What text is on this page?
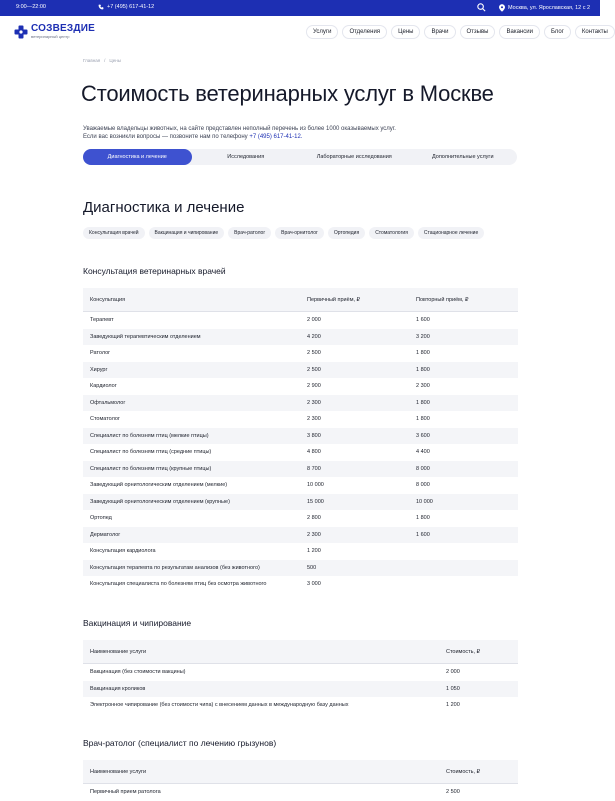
9:00—22:00	+7 (495) 617-41-12	Москва, ул. Ярославская, 12 с 2
СОЗВЕЗДИЕ
ветеринарный центр
Услуги	Отделения	Цены	Врачи	Отзывы	Вакансии	Блог	Контакты
Главная / Цены
Стоимость ветеринарных услуг в Москве
Уважаемые владельцы животных, на сайте представлен неполный перечень из более 1000 оказываемых услуг.
Если вас возникли вопросы — позвоните нам по телефону +7 (495) 617-41-12.
Диагностика и лечение	Исследования	Лабораторные исследования	Дополнительные услуги
Диагностика и лечение
Консультация врачей	Вакцинация и чипирование	Врач-ратолог	Врач-орнитолог	Ортопедия	Стоматология	Стационарное лечение
Консультация ветеринарных врачей
Консультация	Первичный приём, ₽	Повторный приём, ₽
Терапевт	2 000	1 600
Заведующий терапевтическим отделением	4 200	3 200
Ратолог	2 500	1 800
Хирург	2 500	1 800
Кардиолог	2 900	2 300
Офтальмолог	2 300	1 800
Стоматолог	2 300	1 800
Специалист по болезням птиц (мелкие птицы)	3 800	3 600
Специалист по болезням птиц (средние птицы)	4 800	4 400
Специалист по болезням птиц (крупные птицы)	8 700	8 000
Заведующий орнитологическим отделением (мелкие)	10 000	8 000
Заведующий орнитологическим отделением (крупные)	15 000	10 000
Ортопед	2 800	1 800
Дерматолог	2 300	1 600
Консультация кардиолога	1 200
Консультация терапевта по результатам анализов (без животного)	500
Консультация специалиста по болезням птиц без осмотра животного	3 000
Вакцинация и чипирование
Наименование услуги	Стоимость, ₽
Вакцинация (без стоимости вакцины)	2 000
Вакцинация кроликов	1 050
Электронное чипирование (без стоимости чипа) с внесением данных в международную базу данных	1 200
Врач-ратолог (специалист по лечению грызунов)
Наименование услуги	Стоимость, ₽
Первичный прием ратолога	2 500
